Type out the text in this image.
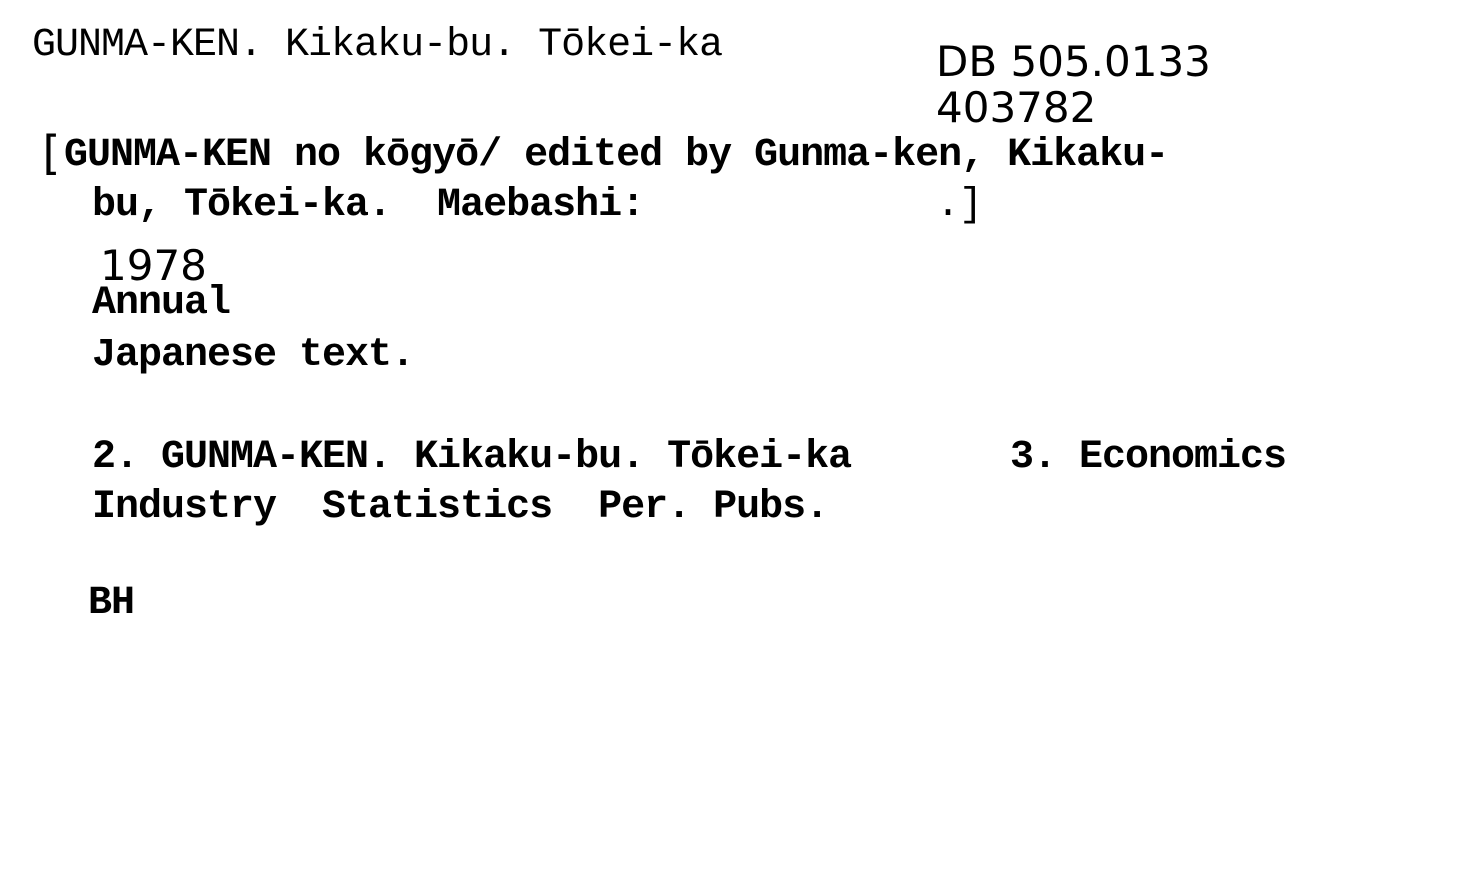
GUNMA-KEN. Kikaku-bu. Tōkei-ka	DB 505.0133
403782
[ GUNMA-KEN no kōgyō/ edited by Gunma-ken, Kikaku-
bu, Tōkei-ka.  Maebashi:	.]
1978
Annual
Japanese text.
2. GUNMA-KEN. Kikaku-bu. Tōkei-ka	3. Economics
Industry  Statistics  Per. Pubs.
BH
